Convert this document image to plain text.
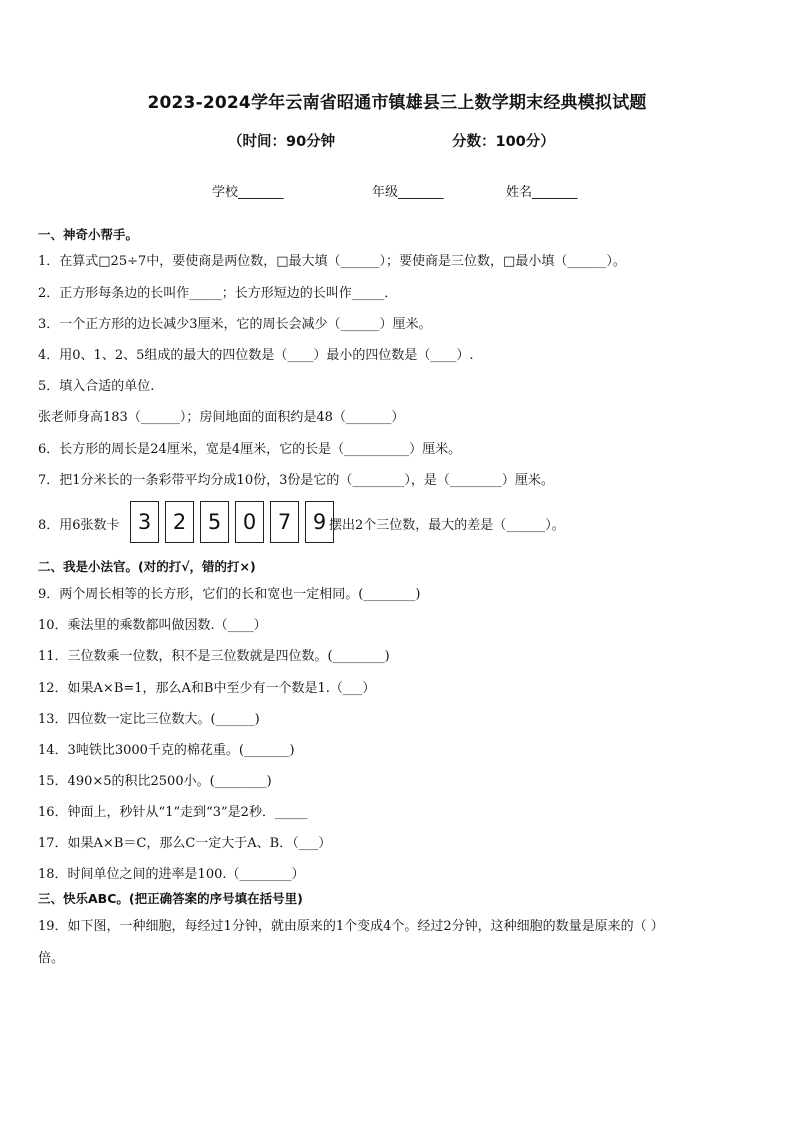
2023-2024学年云南省昭通市镇雄县三上数学期末经典模拟试题
（时间：90分钟	分数：100分）
学校_______	年级_______	姓名_______
一、神奇小帮手。
1．在算式□25÷7中，要使商是两位数，□最大填（______）；要使商是三位数，□最小填（______）。
2．正方形每条边的长叫作_____；长方形短边的长叫作_____．
3．一个正方形的边长减少3厘米，它的周长会减少（______）厘米。
4．用0、1、2、5组成的最大的四位数是（____）最小的四位数是（____）.
5．填入合适的单位.
张老师身高183（______）；房间地面的面积约是48（_______）
6．长方形的周长是24厘米，宽是4厘米，它的长是（__________）厘米。
7．把1分米长的一条彩带平均分成10份，3份是它的（________），是（________）厘米。
8．用6张数卡 3	2	5	0	7	9 摆出2个三位数，最大的差是（______）。
二、我是小法官。(对的打√，错的打×)
9．两个周长相等的长方形，它们的长和宽也一定相同。(________)
10．乘法里的乘数都叫做因数.（____）
11．三位数乘一位数，积不是三位数就是四位数。(________)
12．如果A×B=1，那么A和B中至少有一个数是1.（___）
13．四位数一定比三位数大。(______)
14．3吨铁比3000千克的棉花重。(_______)
15．490×5的积比2500小。(________)
16．钟面上，秒针从“1”走到“3”是2秒．_____
17．如果A×B＝C，那么C一定大于A、B．（___）
18．时间单位之间的进率是100.（________）
三、快乐ABC。(把正确答案的序号填在括号里)
19．如下图，一种细胞，每经过1分钟，就由原来的1个变成4个。经过2分钟，这种细胞的数量是原来的（ ）
倍。
